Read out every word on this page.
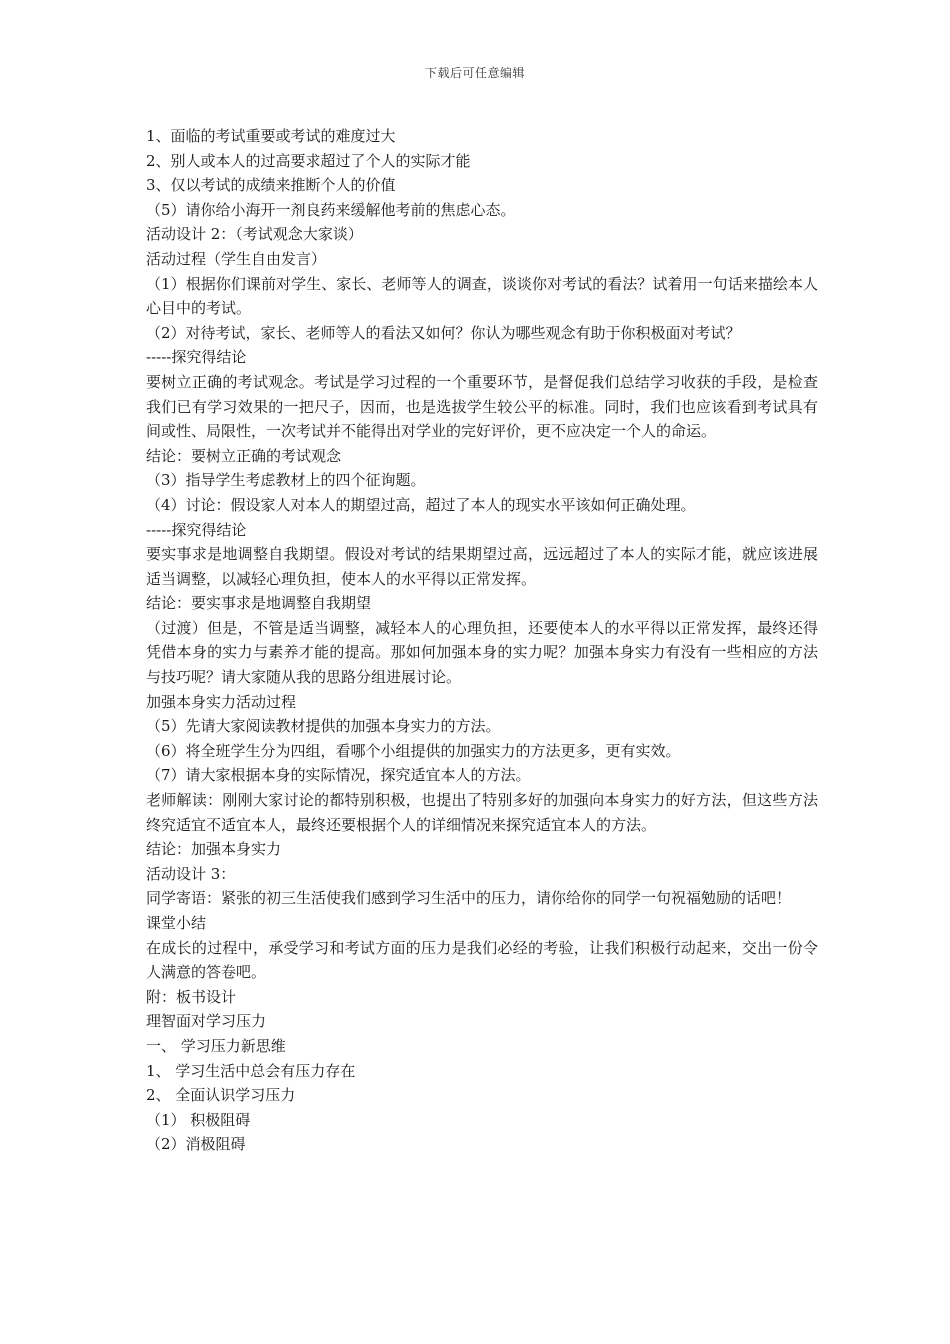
下载后可任意编辑
1、面临的考试重要或考试的难度过大
2、别人或本人的过高要求超过了个人的实际才能
3、仅以考试的成绩来推断个人的价值
（5）请你给小海开一剂良药来缓解他考前的焦虑心态。
活动设计 2：（考试观念大家谈）
活动过程（学生自由发言）
（1）根据你们课前对学生、家长、老师等人的调查，谈谈你对考试的看法？试着用一句话来描绘本人心目中的考试。
（2）对待考试，家长、老师等人的看法又如何？你认为哪些观念有助于你积极面对考试？
-----探究得结论
要树立正确的考试观念。考试是学习过程的一个重要环节，是督促我们总结学习收获的手段，是检查我们已有学习效果的一把尺子，因而，也是选拔学生较公平的标准。同时，我们也应该看到考试具有间或性、局限性，一次考试并不能得出对学业的完好评价，更不应决定一个人的命运。
结论：要树立正确的考试观念
（3）指导学生考虑教材上的四个征询题。
（4）讨论：假设家人对本人的期望过高，超过了本人的现实水平该如何正确处理。
-----探究得结论
要实事求是地调整自我期望。假设对考试的结果期望过高，远远超过了本人的实际才能，就应该进展适当调整，以减轻心理负担，使本人的水平得以正常发挥。
结论：要实事求是地调整自我期望
（过渡）但是，不管是适当调整，减轻本人的心理负担，还要使本人的水平得以正常发挥，最终还得凭借本身的实力与素养才能的提高。那如何加强本身的实力呢？加强本身实力有没有一些相应的方法与技巧呢？请大家随从我的思路分组进展讨论。
加强本身实力活动过程
（5）先请大家阅读教材提供的加强本身实力的方法。
（6）将全班学生分为四组，看哪个小组提供的加强实力的方法更多，更有实效。
（7）请大家根据本身的实际情况，探究适宜本人的方法。
老师解读：刚刚大家讨论的都特别积极，也提出了特别多好的加强向本身实力的好方法，但这些方法终究适宜不适宜本人，最终还要根据个人的详细情况来探究适宜本人的方法。
结论：加强本身实力
活动设计 3：
同学寄语：紧张的初三生活使我们感到学习生活中的压力，请你给你的同学一句祝福勉励的话吧！
课堂小结
在成长的过程中，承受学习和考试方面的压力是我们必经的考验，让我们积极行动起来，交出一份令人满意的答卷吧。
附：板书设计
理智面对学习压力
一、 学习压力新思维
1、 学习生活中总会有压力存在
2、 全面认识学习压力
（1） 积极阻碍
（2）消极阻碍
